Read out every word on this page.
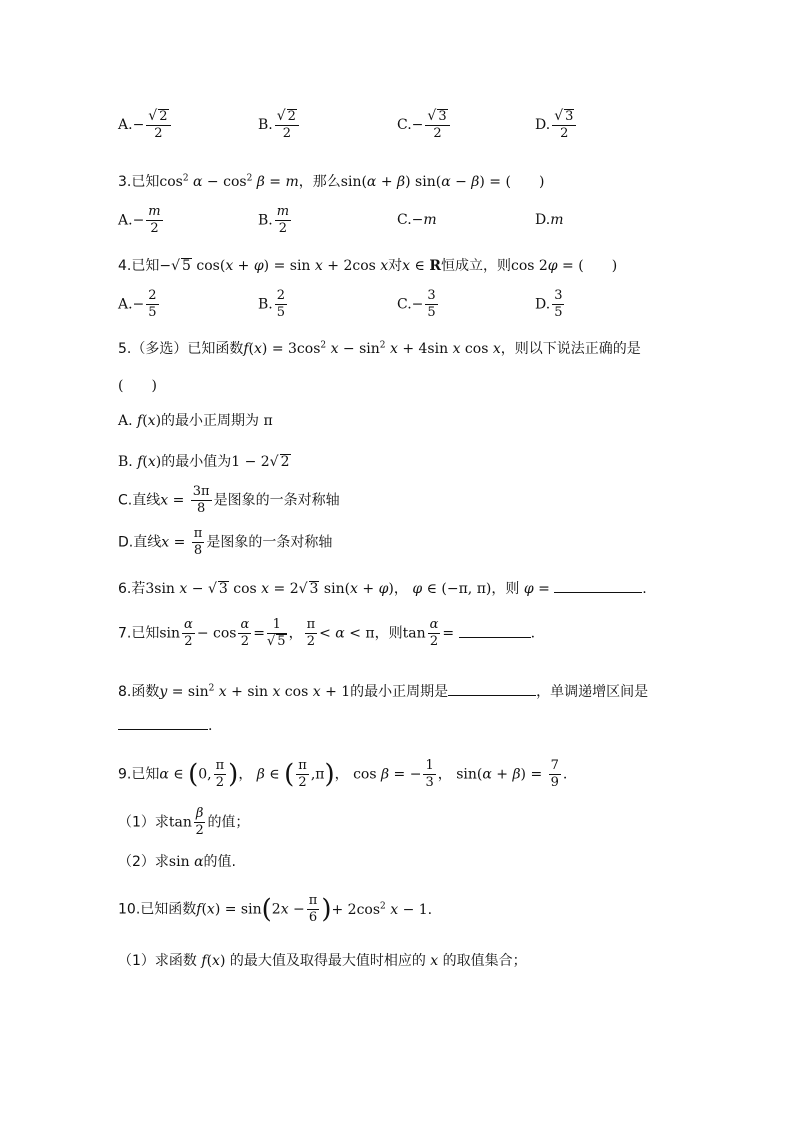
$A.- \frac{√ 2}{2}$	B. $\frac{√ 2}{2}$	$C.- \frac{√ 3}{2}$	D. $\frac{√ 3}{2}$
3.已知$\cos^2 \alpha - \cos^2 \beta = m$，那么sin(α + β) sin(α − β) = (　　)
$A.- \frac{m}{2}$	B. $\frac{m}{2}$	C.−m	D.m
4.已知−√ 5 cos(x + φ) = sin x + 2cos x对x ∈ R恒成立，则cos 2φ = (　　)
$A.- \frac{2}{5}$	B. $\frac{2}{5}$	$C.- \frac{3}{5}$	D. $\frac{3}{5}$
5.（多选）已知函数$f(x) = 3\cos^2$ $x - \sin^2 x + 4\sin$ x cos x，则以下说法正确的是
(　　)
A. f(x)的最小正周期为 π
B. f(x)的最小值为1 − 2√ 2
C.直线$x = \frac{3\pi}{8}$ 是图象的一条对称轴
D.直线$x = \frac{\pi}{8}$ 是图象的一条对称轴
6.若3sin x − √ 3 cos x = 2√ 3 sin(x + φ)， φ ∈ (−π, π)，则 φ =	.
7.已知$\sin \frac{\alpha}{2} - \cos \frac{\alpha}{2} = \frac{1}{√ 5}$ ， $\frac{\pi}{2} < \alpha < \pi$，则$\tan \frac{\alpha}{2}$ =	.
8.函数$y = \sin^2 x + \sin x$ cos x + 1的最小正周期是	，单调递增区间是
.
9.已知α ∈ (0, $\frac{\pi}{2}$ )， β ∈ ( $\frac{\pi}{2} ,\pi$)， cos β = − $\frac{1}{3}$ ， $\sin(\alpha + \beta) = \frac{7}{9}$ .
（1）求$\tan \frac{\beta}{2}$ 的值；
（2）求sin α的值.
10.已知函数$f(x) = \sin(2x - \frac{\pi}{6}$ )+ $2\cos^2$ x − 1.
（1）求函数 f(x) 的最大值及取得最大值时相应的 x 的取值集合；
